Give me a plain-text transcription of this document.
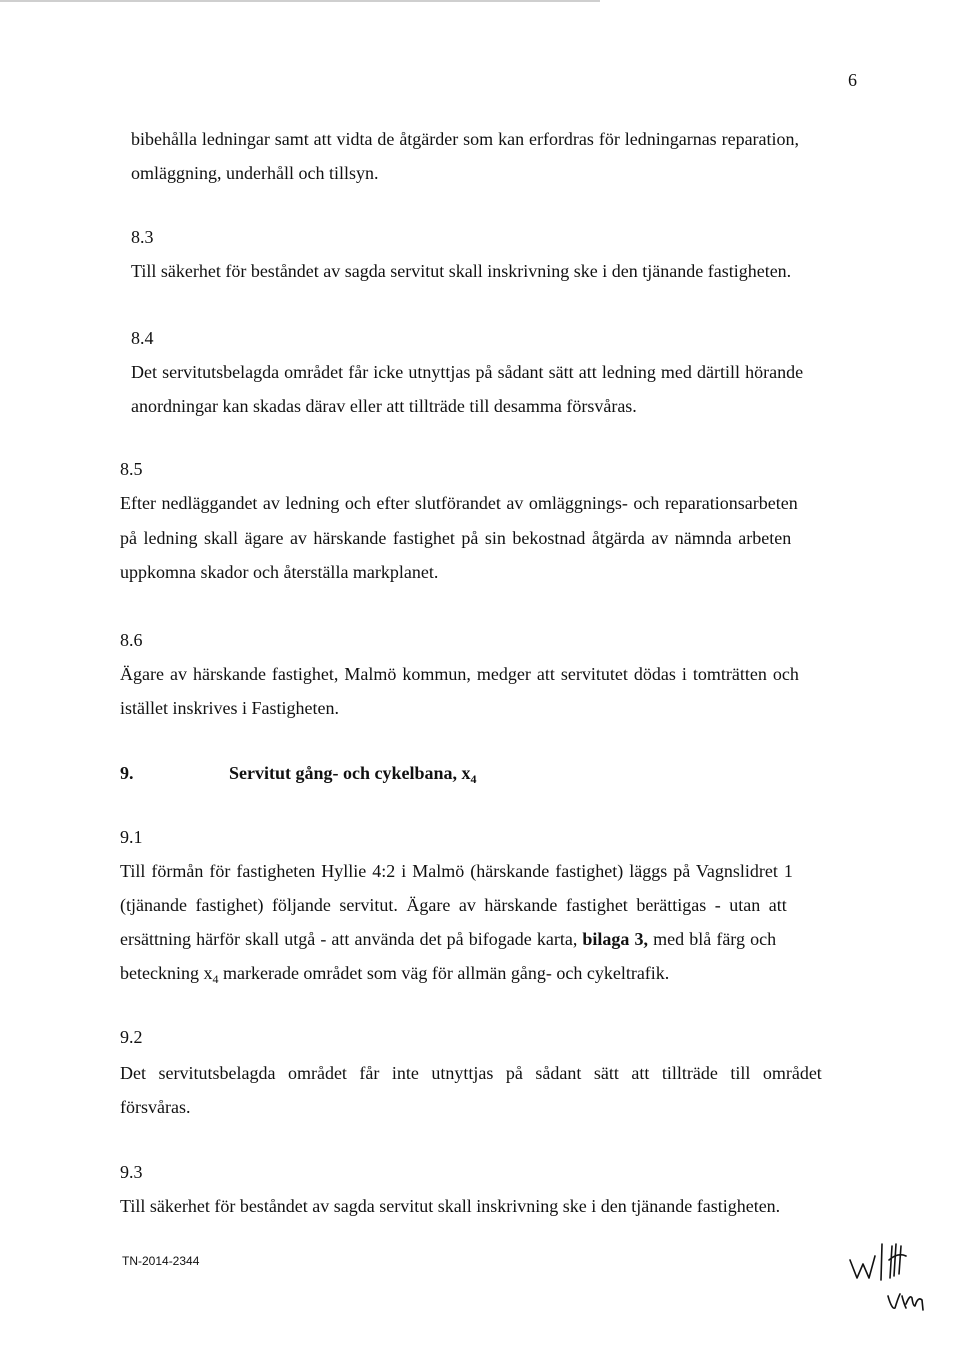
6
bibehålla ledningar samt att vidta de åtgärder som kan erfordras för ledningarnas reparation,
omläggning, underhåll och tillsyn.
8.3
Till säkerhet för beståndet av sagda servitut skall inskrivning ske i den tjänande fastigheten.
8.4
Det servitutsbelagda området får icke utnyttjas på sådant sätt att ledning med därtill hörande
anordningar kan skadas därav eller att tillträde till desamma försvåras.
8.5
Efter nedläggandet av ledning och efter slutförandet av omläggnings- och reparationsarbeten
på ledning skall ägare av härskande fastighet på sin bekostnad åtgärda av nämnda arbeten
uppkomna skador och återställa markplanet.
8.6
Ägare av härskande fastighet, Malmö kommun, medger att servitutet dödas i tomträtten och
istället inskrives i Fastigheten.
9.	Servitut gång- och cykelbana, $x_4$
9.1
Till förmån för fastigheten Hyllie 4:2 i Malmö (härskande fastighet) läggs på Vagnslidret 1
(tjänande fastighet) följande servitut. Ägare av härskande fastighet berättigas - utan att
ersättning härför skall utgå - att använda det på bifogade karta, bilaga 3, med blå färg och
beteckning $x_4$ markerade området som väg för allmän gång- och cykeltrafik.
9.2
Det servitutsbelagda området får inte utnyttjas på sådant sätt att tillträde till området
försvåras.
9.3
Till säkerhet för beståndet av sagda servitut skall inskrivning ske i den tjänande fastigheten.
TN-2014-2344
